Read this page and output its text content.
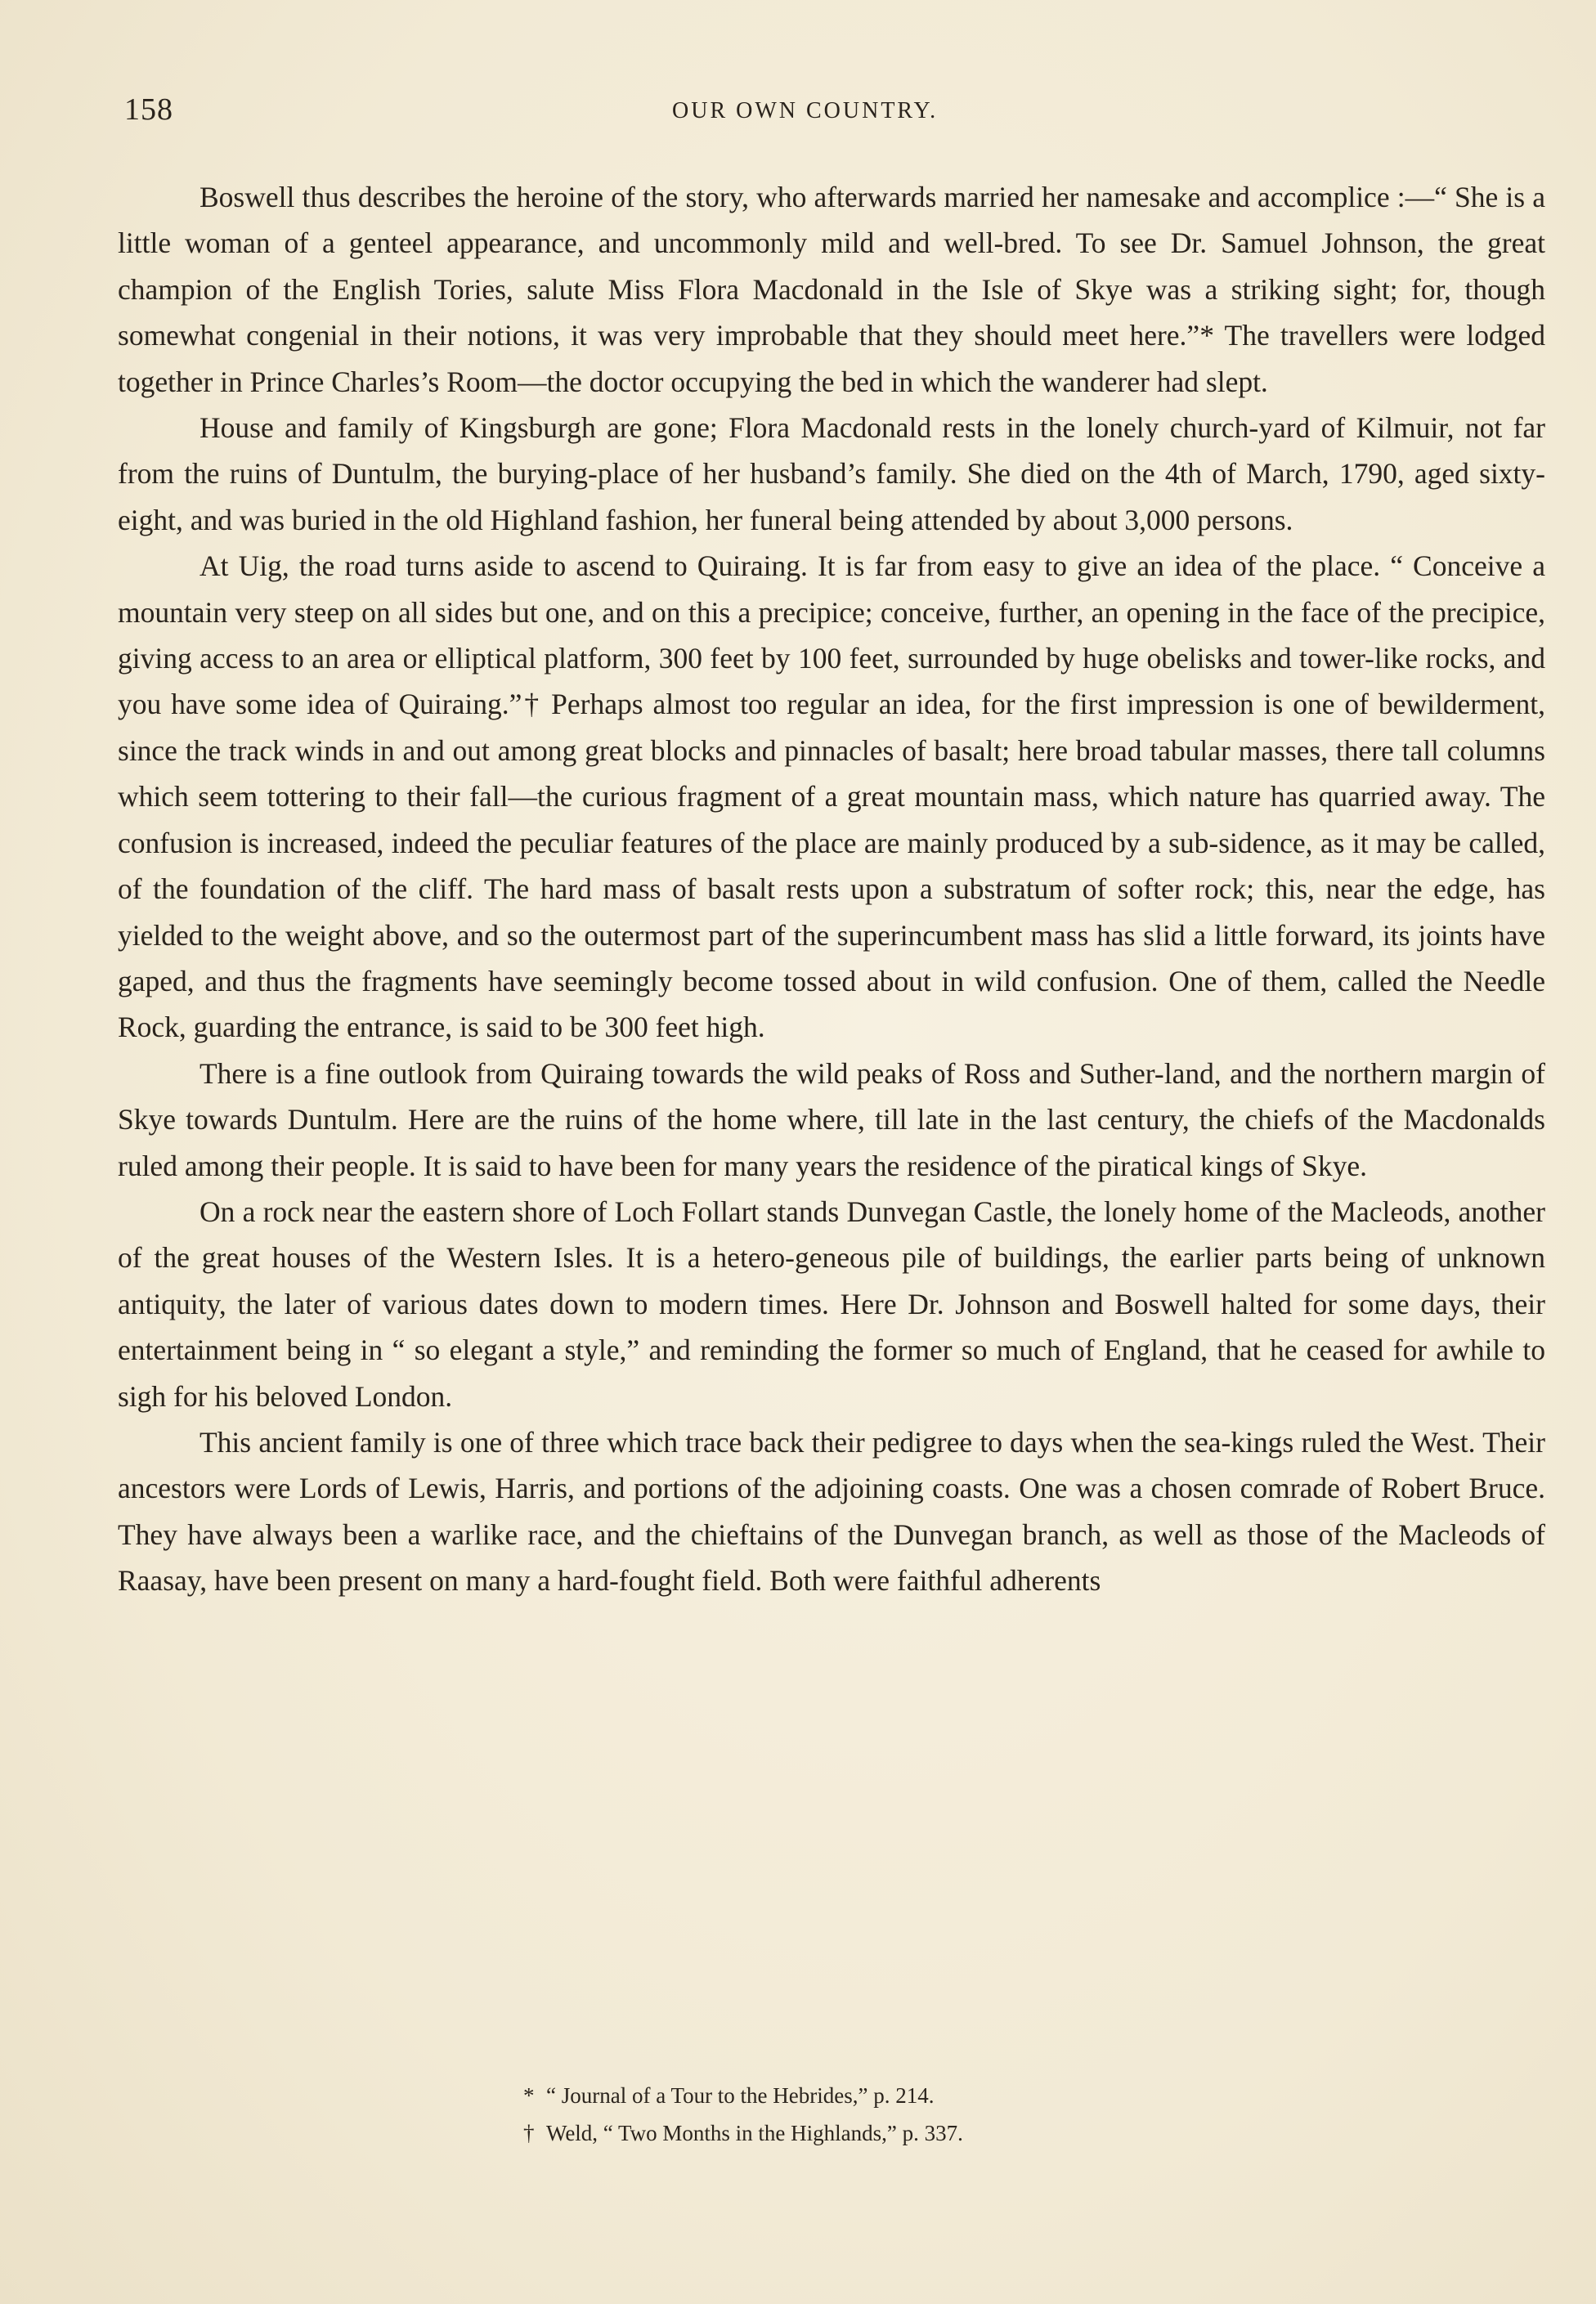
158	OUR OWN COUNTRY.

Boswell thus describes the heroine of the story, who afterwards married her namesake and accomplice :—“ She is a little woman of a genteel appearance, and uncommonly mild and well-bred. To see Dr. Samuel Johnson, the great champion of the English Tories, salute Miss Flora Macdonald in the Isle of Skye was a striking sight; for, though somewhat congenial in their notions, it was very improbable that they should meet here.”* The travellers were lodged together in Prince Charles’s Room—the doctor occupying the bed in which the wanderer had slept.

House and family of Kingsburgh are gone; Flora Macdonald rests in the lonely church-yard of Kilmuir, not far from the ruins of Duntulm, the burying-place of her husband’s family. She died on the 4th of March, 1790, aged sixty-eight, and was buried in the old Highland fashion, her funeral being attended by about 3,000 persons.

At Uig, the road turns aside to ascend to Quiraing. It is far from easy to give an idea of the place. “ Conceive a mountain very steep on all sides but one, and on this a precipice; conceive, further, an opening in the face of the precipice, giving access to an area or elliptical platform, 300 feet by 100 feet, surrounded by huge obelisks and tower-like rocks, and you have some idea of Quiraing.”† Perhaps almost too regular an idea, for the first impression is one of bewilderment, since the track winds in and out among great blocks and pinnacles of basalt; here broad tabular masses, there tall columns which seem tottering to their fall—the curious fragment of a great mountain mass, which nature has quarried away. The confusion is increased, indeed the peculiar features of the place are mainly produced by a sub-sidence, as it may be called, of the foundation of the cliff. The hard mass of basalt rests upon a substratum of softer rock; this, near the edge, has yielded to the weight above, and so the outermost part of the superincumbent mass has slid a little forward, its joints have gaped, and thus the fragments have seemingly become tossed about in wild confusion. One of them, called the Needle Rock, guarding the entrance, is said to be 300 feet high.

There is a fine outlook from Quiraing towards the wild peaks of Ross and Suther-land, and the northern margin of Skye towards Duntulm. Here are the ruins of the home where, till late in the last century, the chiefs of the Macdonalds ruled among their people. It is said to have been for many years the residence of the piratical kings of Skye.

On a rock near the eastern shore of Loch Follart stands Dunvegan Castle, the lonely home of the Macleods, another of the great houses of the Western Isles. It is a hetero-geneous pile of buildings, the earlier parts being of unknown antiquity, the later of various dates down to modern times. Here Dr. Johnson and Boswell halted for some days, their entertainment being in “ so elegant a style,” and reminding the former so much of England, that he ceased for awhile to sigh for his beloved London.

This ancient family is one of three which trace back their pedigree to days when the sea-kings ruled the West. Their ancestors were Lords of Lewis, Harris, and portions of the adjoining coasts. One was a chosen comrade of Robert Bruce. They have always been a warlike race, and the chieftains of the Dunvegan branch, as well as those of the Macleods of Raasay, have been present on many a hard-fought field. Both were faithful adherents

* “ Journal of a Tour to the Hebrides,” p. 214.
† Weld, “ Two Months in the Highlands,” p. 337.
